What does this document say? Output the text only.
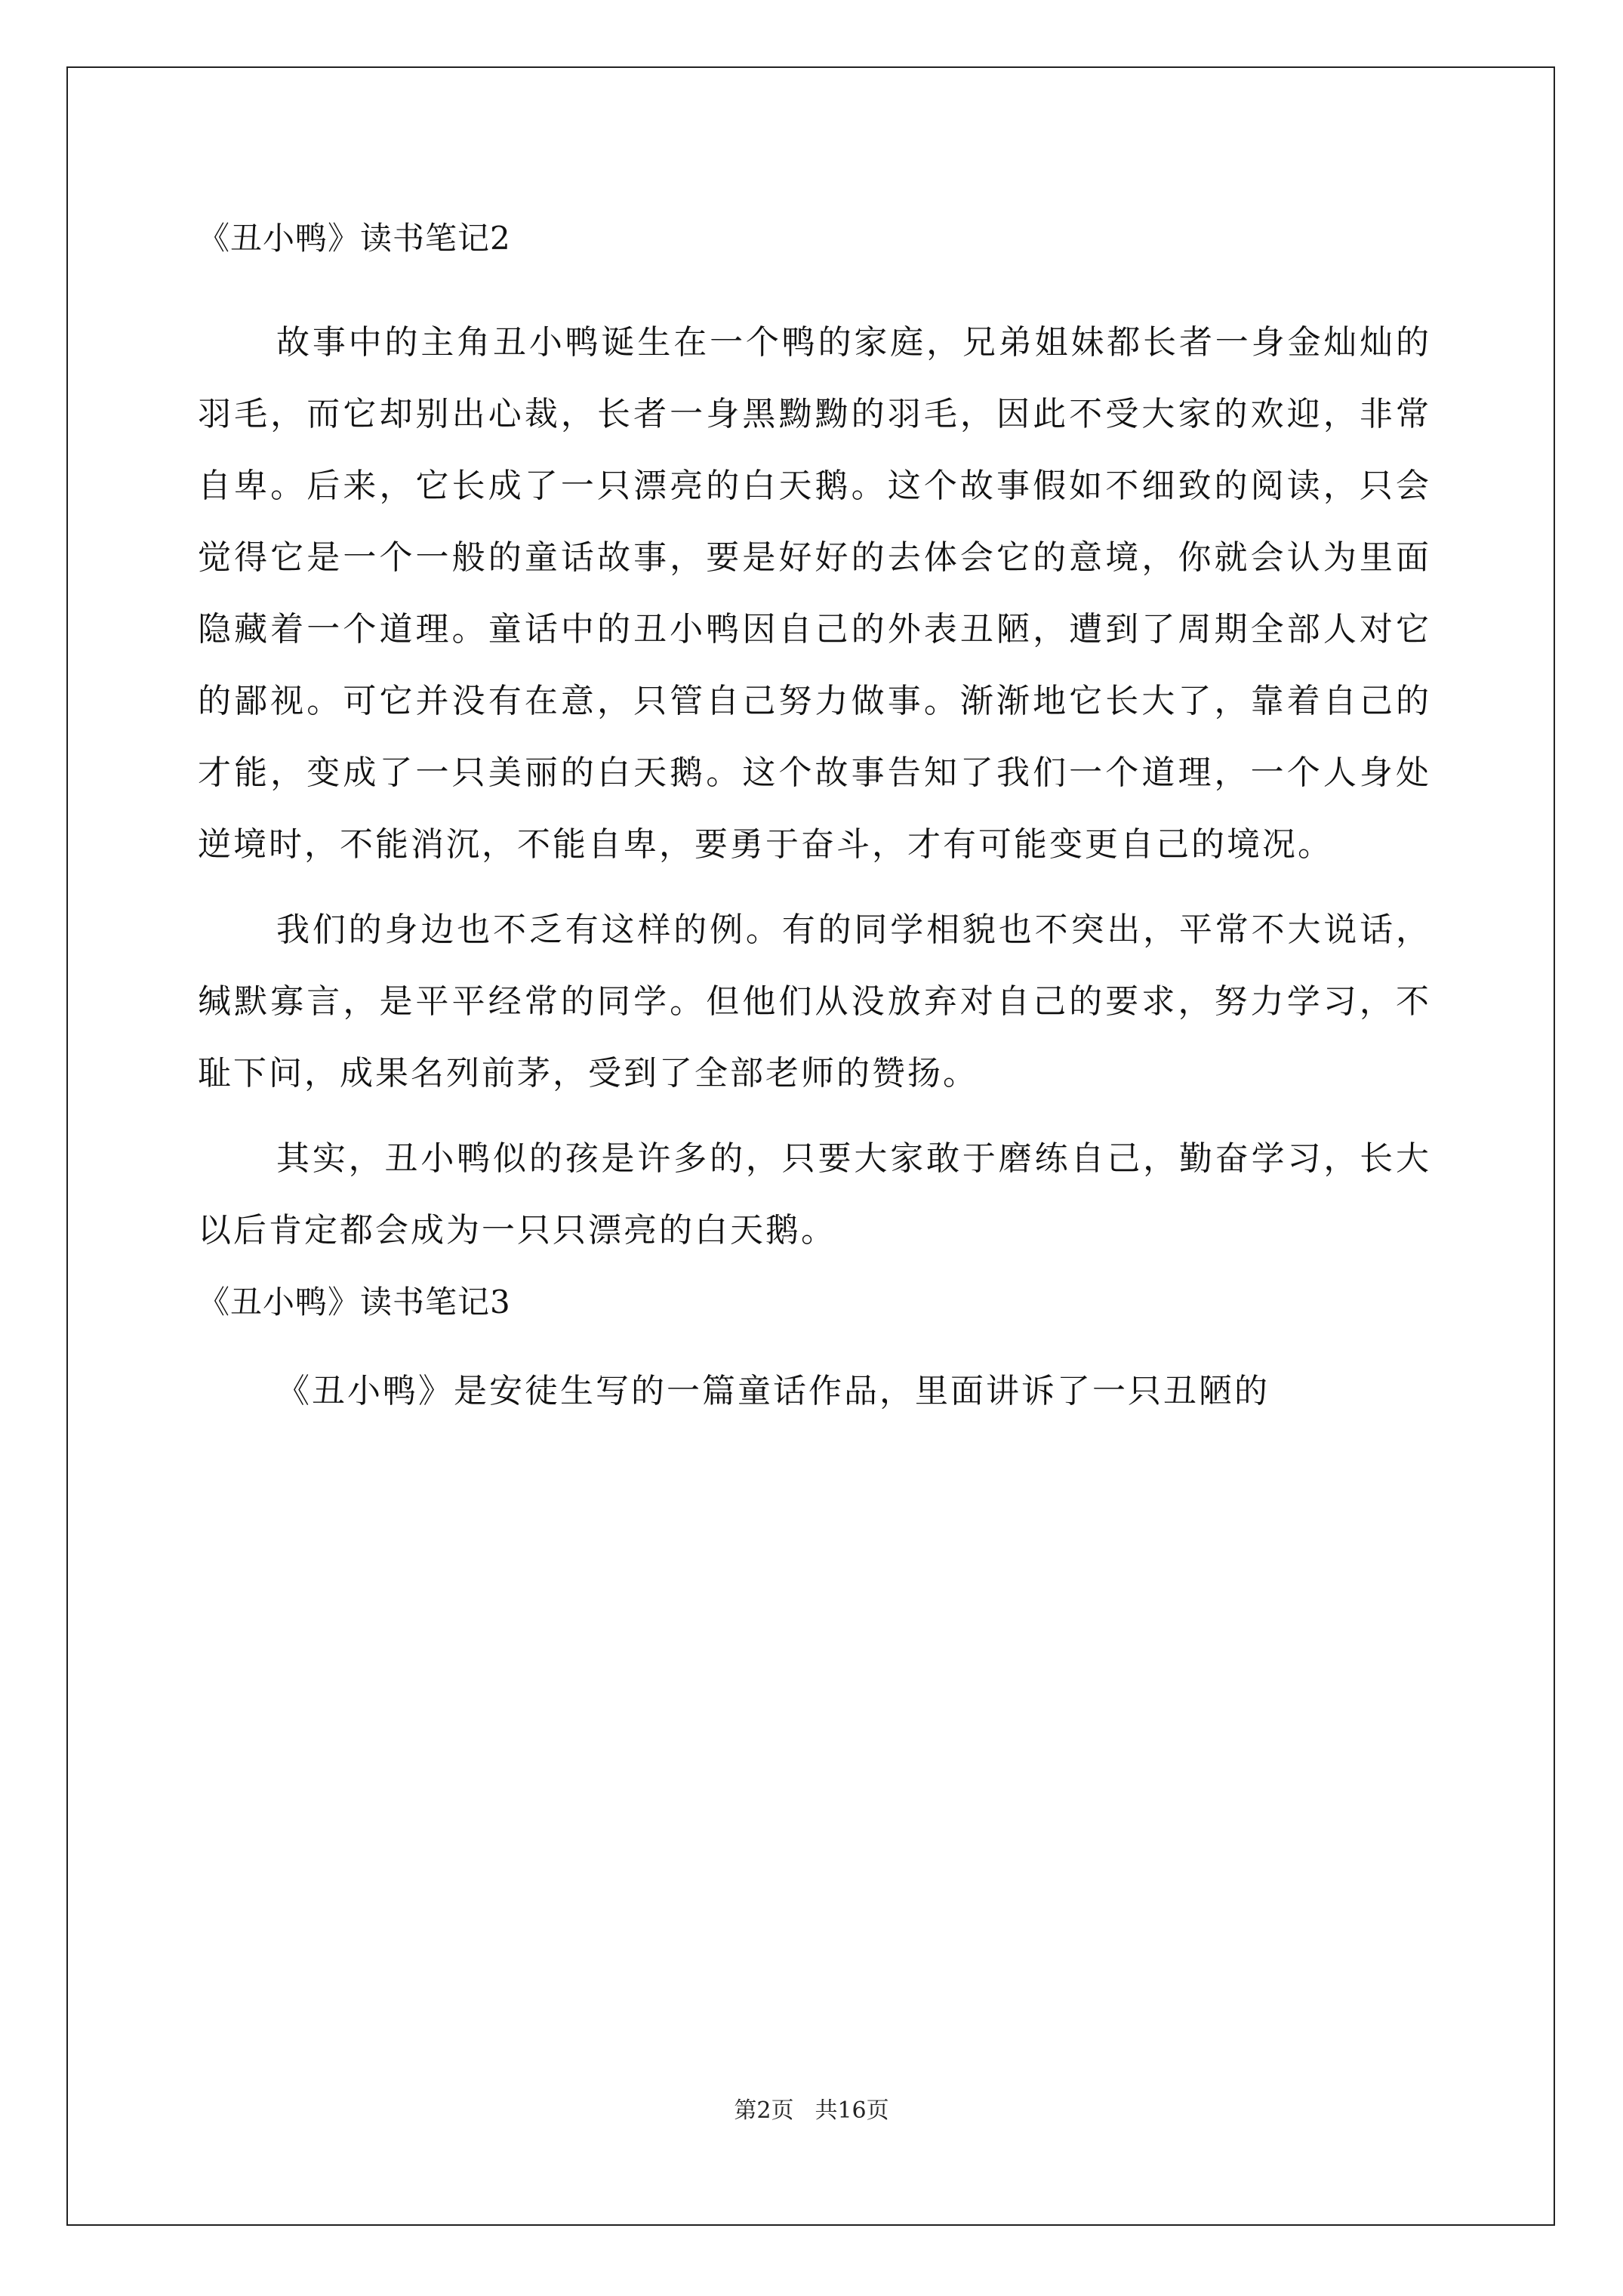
《丑小鸭》读书笔记2

故事中的主角丑小鸭诞生在一个鸭的家庭，兄弟姐妹都长者一身金灿灿的羽毛，而它却别出心裁，长者一身黑黝黝的羽毛，因此不受大家的欢迎，非常自卑。后来，它长成了一只漂亮的白天鹅。这个故事假如不细致的阅读，只会觉得它是一个一般的童话故事，要是好好的去体会它的意境，你就会认为里面隐藏着一个道理。童话中的丑小鸭因自己的外表丑陋，遭到了周期全部人对它的鄙视。可它并没有在意，只管自己努力做事。渐渐地它长大了，靠着自己的才能，变成了一只美丽的白天鹅。这个故事告知了我们一个道理，一个人身处逆境时，不能消沉，不能自卑，要勇于奋斗，才有可能变更自己的境况。

我们的身边也不乏有这样的例。有的同学相貌也不突出，平常不大说话，缄默寡言，是平平经常的同学。但他们从没放弃对自己的要求，努力学习，不耻下问，成果名列前茅，受到了全部老师的赞扬。

其实，丑小鸭似的孩是许多的，只要大家敢于磨练自己，勤奋学习，长大以后肯定都会成为一只只漂亮的白天鹅。

《丑小鸭》读书笔记3

《丑小鸭》是安徒生写的一篇童话作品，里面讲诉了一只丑陋的

第2页 共16页
